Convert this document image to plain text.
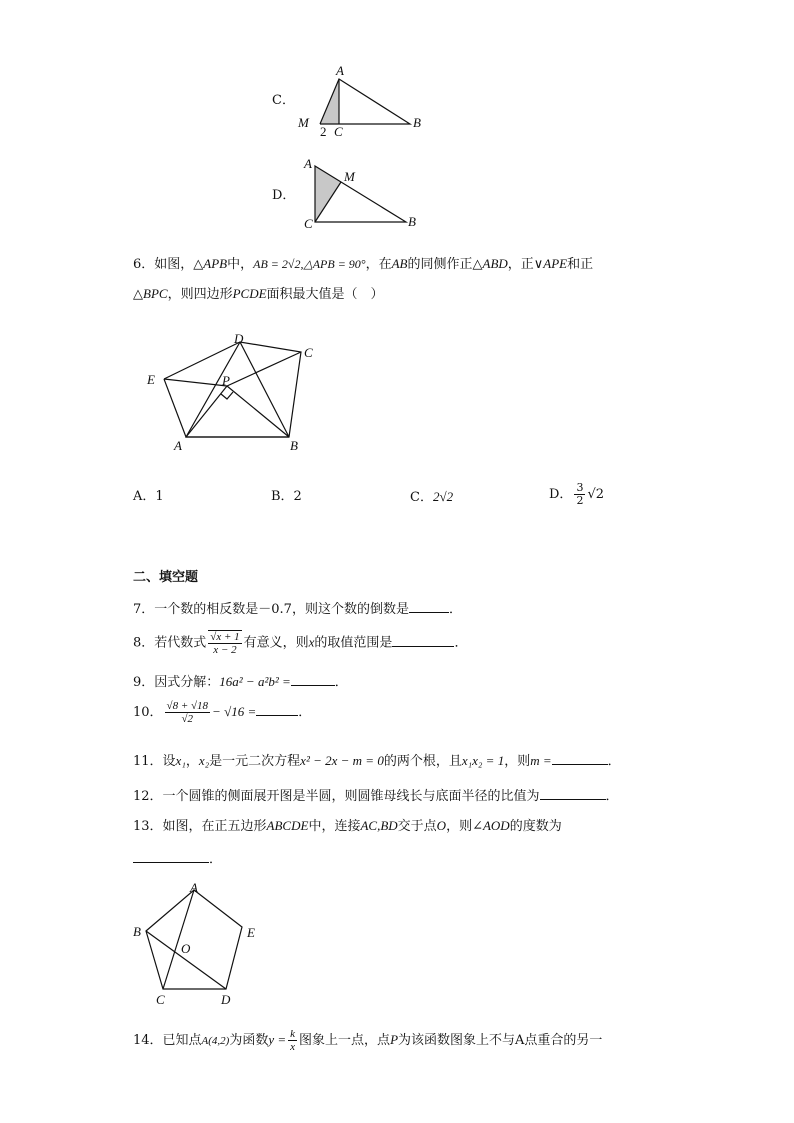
C．
A
M
2 C
B
D．
A
M
C	B
6．如图，△APB中，AB = 2√2,△APB = 90°，在AB的同侧作正△ABD，正∨APE和正
△BPC，则四边形PCDE面积最大值是（　）
D
C
E	P
A	B
A．1	B．2	C．2√2	D． $\frac{3}{2} √2$
二、填空题
7．一个数的相反数是－0.7，则这个数的倒数是	．
8．若代数式 $\frac{√x + 1}{x - 2}$ 有意义，则x的取值范围是	．
9．因式分解：16a² − a²b² =	．
10． $\frac{√8 + √18}{√2} - √16$ =	．
11．设x₁，x₂是一元二次方程x² − 2x − m = 0的两个根，且x₁x₂ = 1，则m =	．
12．一个圆锥的侧面展开图是半圆，则圆锥母线长与底面半径的比值为	．
13．如图，在正五边形ABCDE中，连接AC,BD交于点O，则∠AOD的度数为
．
A
B	E
O
C	D
14．已知点A(4,2)为函数$y = \frac{k}{x}$ 图象上一点，点P为该函数图象上不与A点重合的另一
